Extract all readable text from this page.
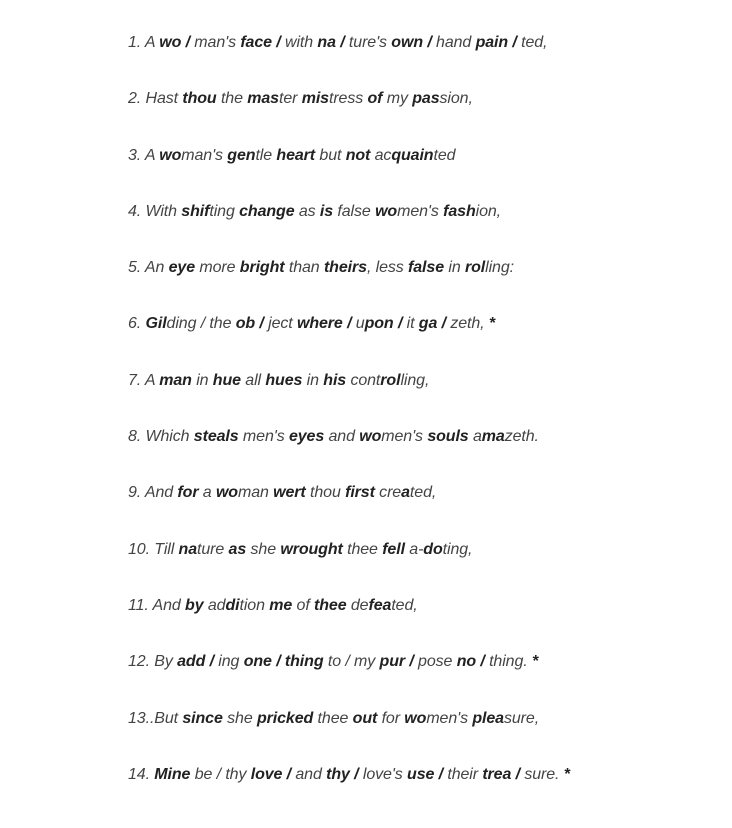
1. A wo / man's face / with na / ture's own / hand pain / ted,
2. Hast thou the master mistress of my passion,
3. A woman's gentle heart but not acquainted
4. With shifting change as is false women's fashion,
5. An eye more bright than theirs, less false in rolling:
6. Gilding / the ob / ject where / upon / it ga / zeth, *
7. A man in hue all hues in his controlling,
8. Which steals men's eyes and women's souls amazeth.
9. And for a woman wert thou first created,
10. Till nature as she wrought thee fell a-doting,
11. And by addition me of thee defeated,
12. By add / ing one / thing to / my pur / pose no / thing. *
13..But since she pricked thee out for women's pleasure,
14. Mine be / thy love / and thy / love's use / their trea / sure. *
